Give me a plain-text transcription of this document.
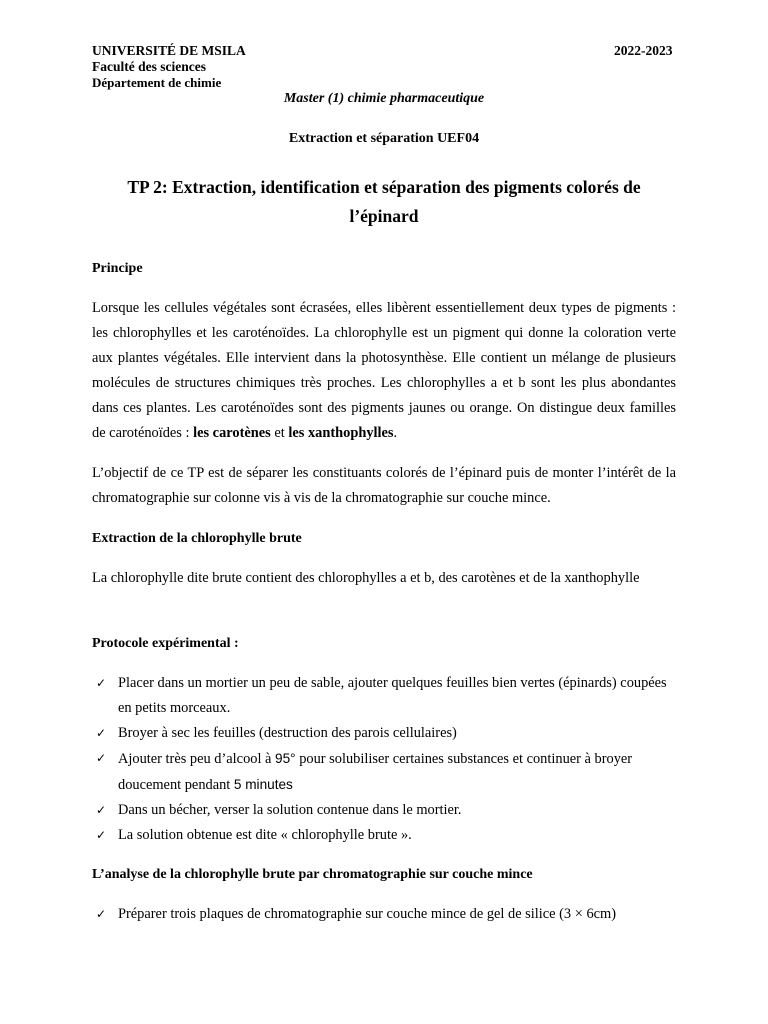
UNIVERSITÉ DE MSILA

Faculté des sciences

Département de chimie

2022-2023

Master (1) chimie pharmaceutique

Extraction et séparation UEF04

TP 2: Extraction, identification et séparation des pigments colorés de
l’épinard

Principe

Lorsque les cellules végétales sont écrasées, elles libèrent essentiellement deux types de pigments : les chlorophylles et les caroténoïdes. La chlorophylle est un pigment qui donne la coloration verte aux plantes végétales. Elle intervient dans la photosynthèse. Elle contient un mélange de plusieurs molécules de structures chimiques très proches. Les chlorophylles a et b sont les plus abondantes dans ces plantes. Les caroténoïdes sont des pigments jaunes ou orange. On distingue deux familles de caroténoïdes : les carotènes et les xanthophylles.

L’objectif de ce TP est de séparer les constituants colorés de l’épinard puis de monter l’intérêt de la chromatographie sur colonne vis à vis de la chromatographie sur couche mince.

Extraction de la chlorophylle brute

La chlorophylle dite brute contient des chlorophylles a et b, des carotènes et de la xanthophylle

Protocole expérimental :

✓ Placer dans un mortier un peu de sable, ajouter quelques feuilles bien vertes (épinards) coupées en petits morceaux.
✓ Broyer à sec les feuilles (destruction des parois cellulaires)
✓ Ajouter très peu d’alcool à 95° pour solubiliser certaines substances et continuer à broyer doucement pendant 5 minutes
✓ Dans un bécher, verser la solution contenue dans le mortier.
✓ La solution obtenue est dite « chlorophylle brute ».

L’analyse de la chlorophylle brute par chromatographie sur couche mince

✓ Préparer trois plaques de chromatographie sur couche mince de gel de silice (3 × 6cm)
